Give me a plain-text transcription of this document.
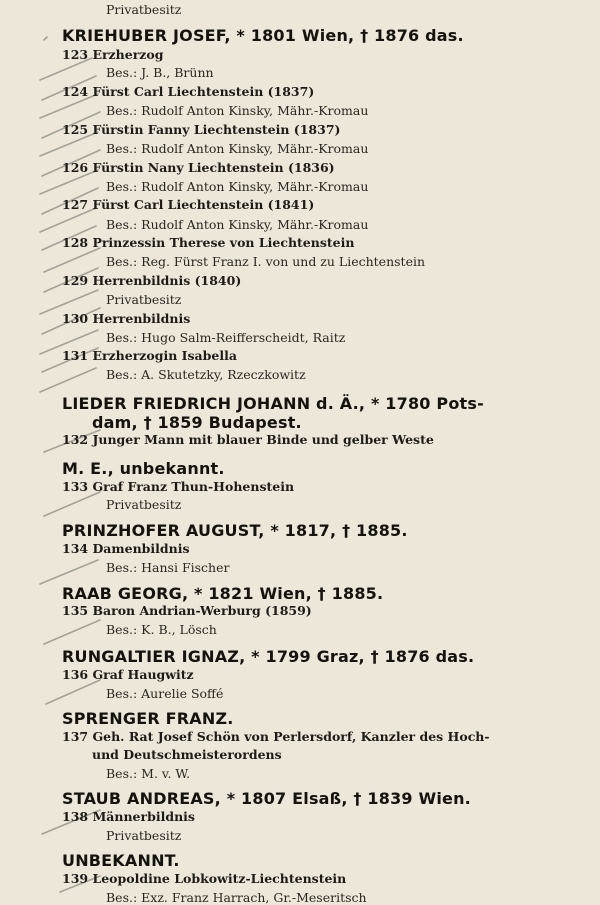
Privatbesitz
KRIEHUBER JOSEF, * 1801 Wien, † 1876 das.
123 Erzherzog
Bes.: J. B., Brünn
124 Fürst Carl Liechtenstein (1837)
Bes.: Rudolf Anton Kinsky, Mähr.-Kromau
125 Fürstin Fanny Liechtenstein (1837)
Bes.: Rudolf Anton Kinsky, Mähr.-Kromau
126 Fürstin Nany Liechtenstein (1836)
Bes.: Rudolf Anton Kinsky, Mähr.-Kromau
127 Fürst Carl Liechtenstein (1841)
Bes.: Rudolf Anton Kinsky, Mähr.-Kromau
128 Prinzessin Therese von Liechtenstein
Bes.: Reg. Fürst Franz I. von und zu Liechtenstein
129 Herrenbildnis (1840)
Privatbesitz
130 Herrenbildnis
Bes.: Hugo Salm-Reifferscheidt, Raitz
131 Erzherzogin Isabella
Bes.: A. Skutetzky, Rzeczkowitz
LIEDER FRIEDRICH JOHANN d. Ä., * 1780 Pots-
dam, † 1859 Budapest.
132 Junger Mann mit blauer Binde und gelber Weste
M. E., unbekannt.
133 Graf Franz Thun-Hohenstein
Privatbesitz
PRINZHOFER AUGUST, * 1817, † 1885.
134 Damenbildnis
Bes.: Hansi Fischer
RAAB GEORG, * 1821 Wien, † 1885.
135 Baron Andrian-Werburg (1859)
Bes.: K. B., Lösch
RUNGALTIER IGNAZ, * 1799 Graz, † 1876 das.
136 Graf Haugwitz
Bes.: Aurelie Soffé
SPRENGER FRANZ.
137 Geh. Rat Josef Schön von Perlersdorf, Kanzler des Hoch-
und Deutschmeisterordens
Bes.: M. v. W.
STAUB ANDREAS, * 1807 Elsaß, † 1839 Wien.
138 Männerbildnis
Privatbesitz
UNBEKANNT.
139 Leopoldine Lobkowitz-Liechtenstein
Bes.: Exz. Franz Harrach, Gr.-Meseritsch
